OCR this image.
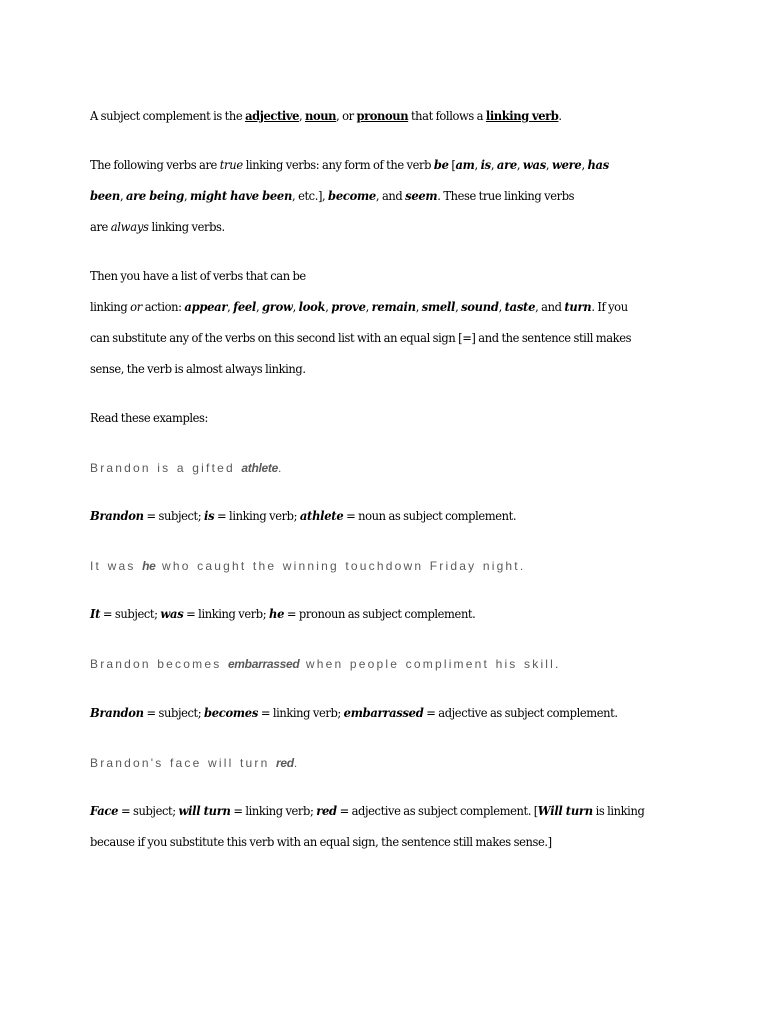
A subject complement is the adjective, noun, or pronoun that follows a linking verb.
The following verbs are true linking verbs: any form of the verb be [am, is, are, was, were, has
been, are being, might have been, etc.], become, and seem. These true linking verbs
are always linking verbs.
Then you have a list of verbs that can be
linking or action: appear, feel, grow, look, prove, remain, smell, sound, taste, and turn. If you
can substitute any of the verbs on this second list with an equal sign [=] and the sentence still makes
sense, the verb is almost always linking.
Read these examples:
Brandon is a gifted athlete.
Brandon = subject; is = linking verb; athlete = noun as subject complement.
It was he who caught the winning touchdown Friday night.
It = subject; was = linking verb; he = pronoun as subject complement.
Brandon becomes embarrassed when people compliment his skill.
Brandon = subject; becomes = linking verb; embarrassed = adjective as subject complement.
Brandon's face will turn red.
Face = subject; will turn = linking verb; red = adjective as subject complement. [Will turn is linking
because if you substitute this verb with an equal sign, the sentence still makes sense.]
